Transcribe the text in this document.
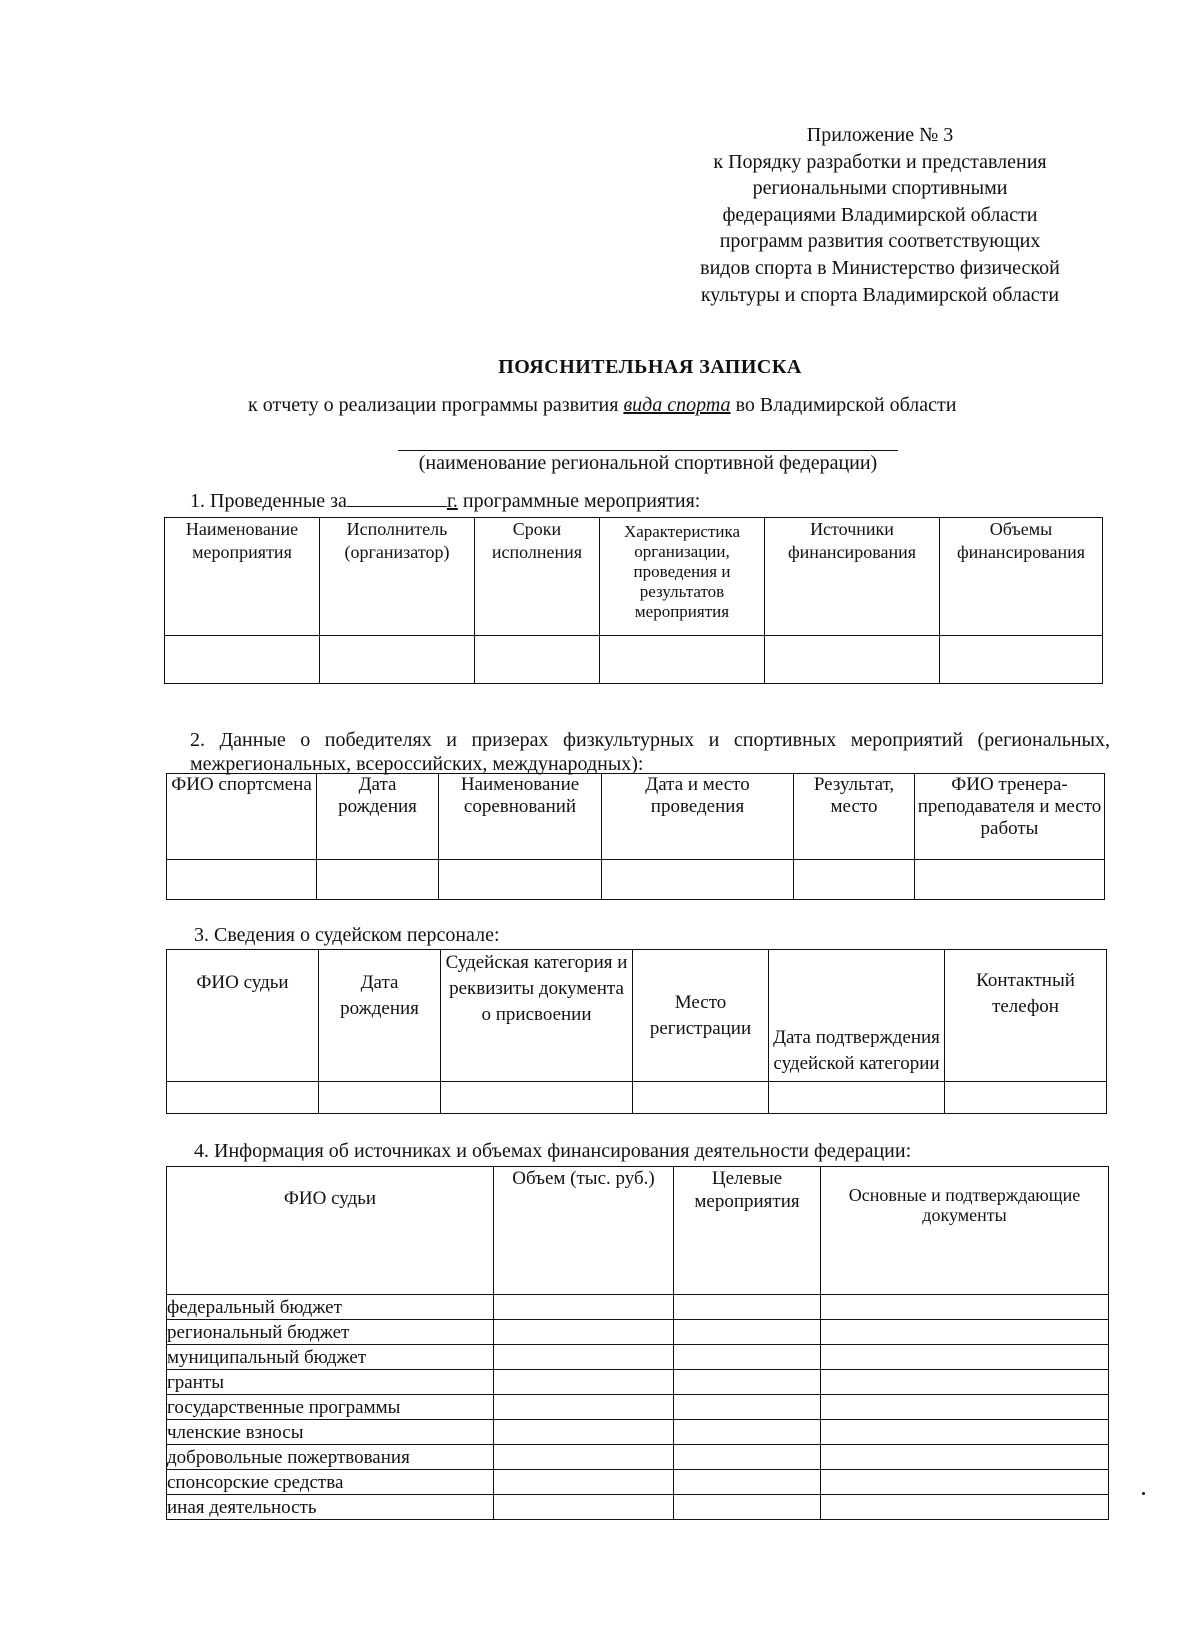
Приложение № 3
к Порядку разработки и представления
региональными спортивными
федерациями Владимирской области
программ развития соответствующих
видов спорта в Министерство физической
культуры и спорта Владимирской области
ПОЯСНИТЕЛЬНАЯ ЗАПИСКА
к отчету о реализации программы развития вида спорта во Владимирской области
(наименование региональной спортивной федерации)
1. Проведенные за	г. программные мероприятия:
Наименование мероприятия	Исполнитель (организатор)	Сроки исполнения	Характеристика организации, проведения и результатов мероприятия	Источники финансирования	Объемы финансирования

2. Данные о победителях и призерах физкультурных и спортивных мероприятий (региональных, межрегиональных, всероссийских, международных):
ФИО спортсмена	Дата рождения	Наименование соревнований	Дата и место проведения	Результат, место	ФИО тренера-преподавателя и место работы

3. Сведения о судейском персонале:
ФИО судьи	Дата рождения	Судейская категория и реквизиты документа о присвоении	Место регистрации	Дата подтверждения судейской категории	Контактный телефон

4. Информация об источниках и объемах финансирования деятельности федерации:
ФИО судьи	Объем (тыс. руб.)	Целевые мероприятия	Основные и подтверждающие документы
федеральный бюджет			
региональный бюджет			
муниципальный бюджет			
гранты			
государственные программы			
членские взносы			
добровольные пожертвования			
спонсорские средства			
иная деятельность			
